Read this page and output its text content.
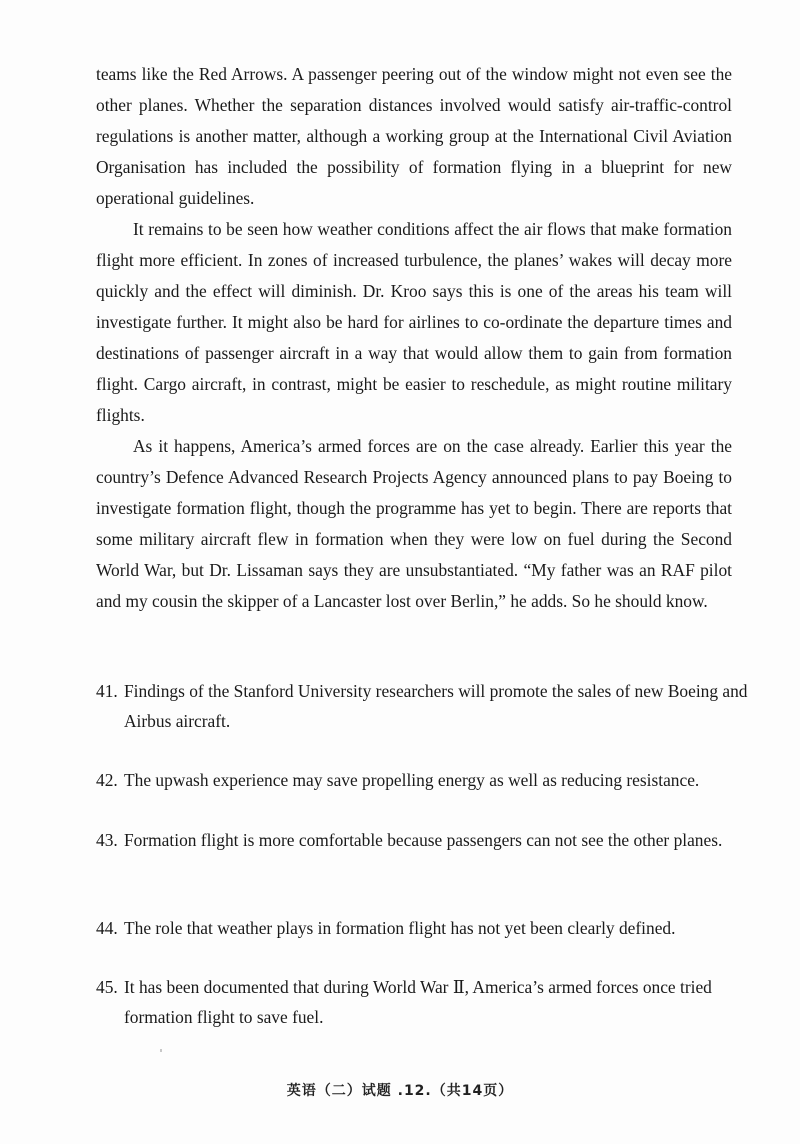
teams like the Red Arrows. A passenger peering out of the window might not even see the other planes. Whether the separation distances involved would satisfy air-traffic-control regulations is another matter, although a working group at the International Civil Aviation Organisation has included the possibility of formation flying in a blueprint for new operational guidelines.

It remains to be seen how weather conditions affect the air flows that make formation flight more efficient. In zones of increased turbulence, the planes’ wakes will decay more quickly and the effect will diminish. Dr. Kroo says this is one of the areas his team will investigate further. It might also be hard for airlines to co-ordinate the departure times and destinations of passenger aircraft in a way that would allow them to gain from formation flight. Cargo aircraft, in contrast, might be easier to reschedule, as might routine military flights.

As it happens, America’s armed forces are on the case already. Earlier this year the country’s Defence Advanced Research Projects Agency announced plans to pay Boeing to investigate formation flight, though the programme has yet to begin. There are reports that some military aircraft flew in formation when they were low on fuel during the Second World War, but Dr. Lissaman says they are unsubstantiated. “My father was an RAF pilot and my cousin the skipper of a Lancaster lost over Berlin,” he adds. So he should know.

41. Findings of the Stanford University researchers will promote the sales of new Boeing and Airbus aircraft.

42. The upwash experience may save propelling energy as well as reducing resistance.

43. Formation flight is more comfortable because passengers can not see the other planes.

44. The role that weather plays in formation flight has not yet been clearly defined.

45. It has been documented that during World War Ⅱ, America’s armed forces once tried formation flight to save fuel.

英语（二）试题 .12.（共14页）
